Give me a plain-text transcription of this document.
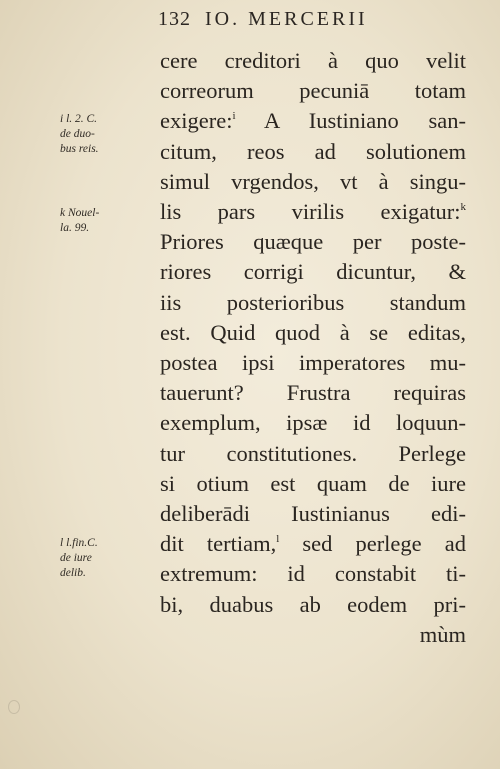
132 IO. MERCERII
cere creditori à quo velit
correorum pecuniā totam
exigere:$^i$ A Iustiniano san-
citum, reos ad solutionem
simul vrgendos, vt à singu-
lis pars virilis exigatur:$^k$
Priores quæque per poste-
riores corrigi dicuntur, &
iis posterioribus standum
est. Quid quod à se editas,
postea ipsi imperatores mu-
tauerunt? Frustra requiras
exemplum, ipsæ id loquun-
tur constitutiones. Perlege
si otium est quam de iure
deliberādi Iustinianus edi-
dit tertiam,$^l$ sed perlege ad
extremum: id constabit ti-
bi, duabus ab eodem pri-
mùm
i l. 2. C.
de duo-
bus reis.
k Nouel-
la. 99.
l l.fin.C.
de iure
delib.
